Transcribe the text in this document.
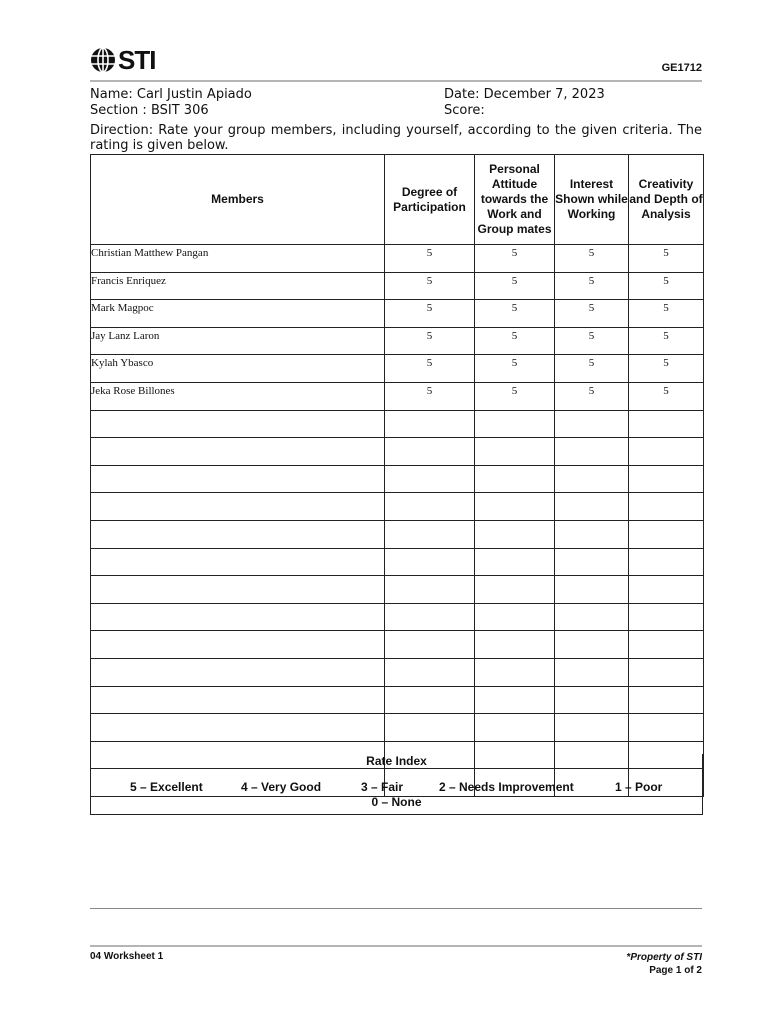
STI	GE1712
Name: Carl Justin Apiado
Section : BSIT 306
Date: December 7, 2023
Score:
Direction: Rate your group members, including yourself, according to the given criteria. The rating is given below.
Members	Degree of Participation	Personal Attitude towards the Work and Group mates	Interest Shown while Working	Creativity and Depth of Analysis
Christian Matthew Pangan	5	5	5	5
Francis Enriquez	5	5	5	5
Mark Magpoc	5	5	5	5
Jay Lanz Laron	5	5	5	5
Kylah Ybasco	5	5	5	5
Jeka Rose Billones	5	5	5	5

Rate Index
5 – Excellent	4 – Very Good	3 – Fair	2 – Needs Improvement	1 – Poor
0 – None
04 Worksheet 1	*Property of STI
Page 1 of 2
